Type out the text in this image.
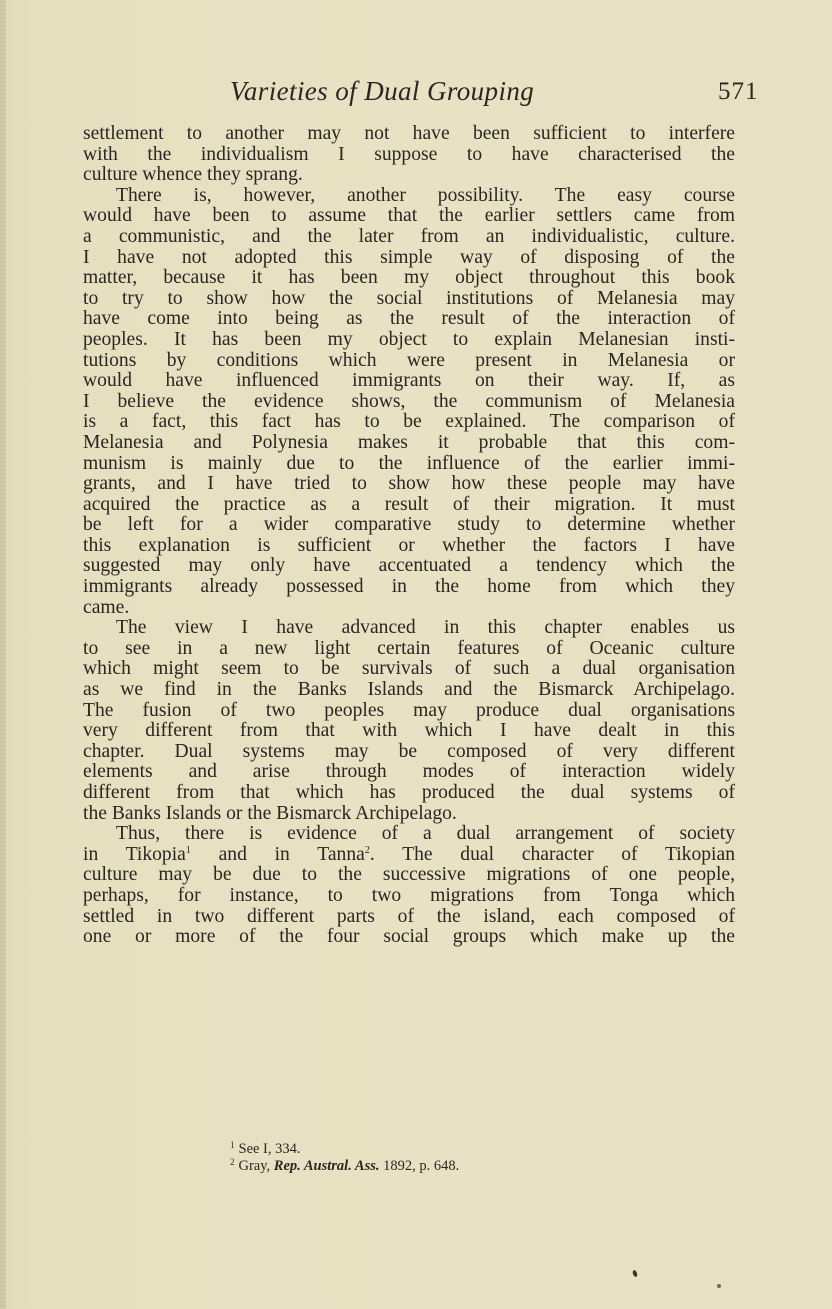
Varieties of Dual Grouping	571
settlement to another may not have been sufficient to interfere
with the individualism I suppose to have characterised the
culture whence they sprang.
There is, however, another possibility. The easy course
would have been to assume that the earlier settlers came from
a communistic, and the later from an individualistic, culture.
I have not adopted this simple way of disposing of the
matter, because it has been my object throughout this book
to try to show how the social institutions of Melanesia may
have come into being as the result of the interaction of
peoples. It has been my object to explain Melanesian insti-
tutions by conditions which were present in Melanesia or
would have influenced immigrants on their way. If, as
I believe the evidence shows, the communism of Melanesia
is a fact, this fact has to be explained. The comparison of
Melanesia and Polynesia makes it probable that this com-
munism is mainly due to the influence of the earlier immi-
grants, and I have tried to show how these people may have
acquired the practice as a result of their migration. It must
be left for a wider comparative study to determine whether
this explanation is sufficient or whether the factors I have
suggested may only have accentuated a tendency which the
immigrants already possessed in the home from which they
came.
The view I have advanced in this chapter enables us
to see in a new light certain features of Oceanic culture
which might seem to be survivals of such a dual organisation
as we find in the Banks Islands and the Bismarck Archipelago.
The fusion of two peoples may produce dual organisations
very different from that with which I have dealt in this
chapter. Dual systems may be composed of very different
elements and arise through modes of interaction widely
different from that which has produced the dual systems of
the Banks Islands or the Bismarck Archipelago.
Thus, there is evidence of a dual arrangement of society
in Tikopia$^1$ and in Tanna$^2$. The dual character of Tikopian
culture may be due to the successive migrations of one people,
perhaps, for instance, to two migrations from Tonga which
settled in two different parts of the island, each composed of
one or more of the four social groups which make up the
$^1$ See I, 334.
$^2$ Gray, Rep. Austral. Ass. 1892, p. 648.
